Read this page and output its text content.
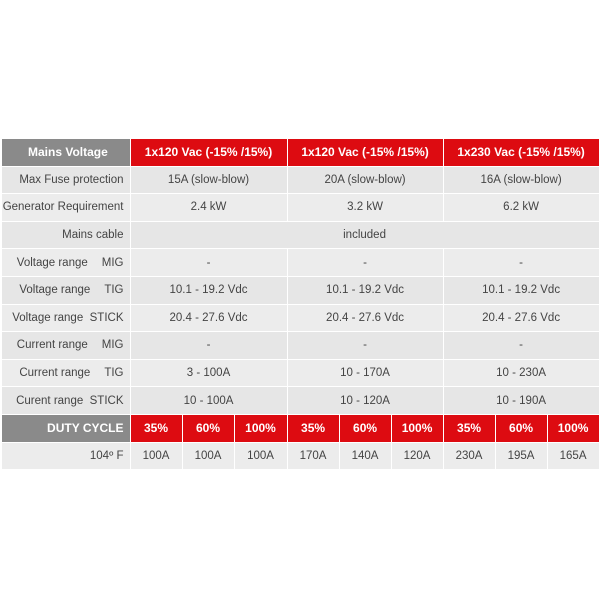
Mains Voltage	1x120 Vac (-15% /15%)			1x120 Vac (-15% /15%)			1x230 Vac (-15% /15%)		
Max Fuse protection	15A (slow-blow)			20A (slow-blow)			16A (slow-blow)		
Generator Requirement	2.4 kW			3.2 kW			6.2 kW		
Mains cable	included								
Voltage range MIG	-			-			-		
Voltage range TIG	10.1 - 19.2 Vdc			10.1 - 19.2 Vdc			10.1 - 19.2 Vdc		
Voltage range STICK	20.4 - 27.6 Vdc			20.4 - 27.6 Vdc			20.4 - 27.6 Vdc		
Current range MIG	-			-			-		
Current range TIG	3 - 100A			10 - 170A			10 - 230A		
Curent range STICK	10 - 100A			10 - 120A			10 - 190A		
DUTY CYCLE	35%	60%	100%	35%	60%	100%	35%	60%	100%
104º F	100A	100A	100A	170A	140A	120A	230A	195A	165A
